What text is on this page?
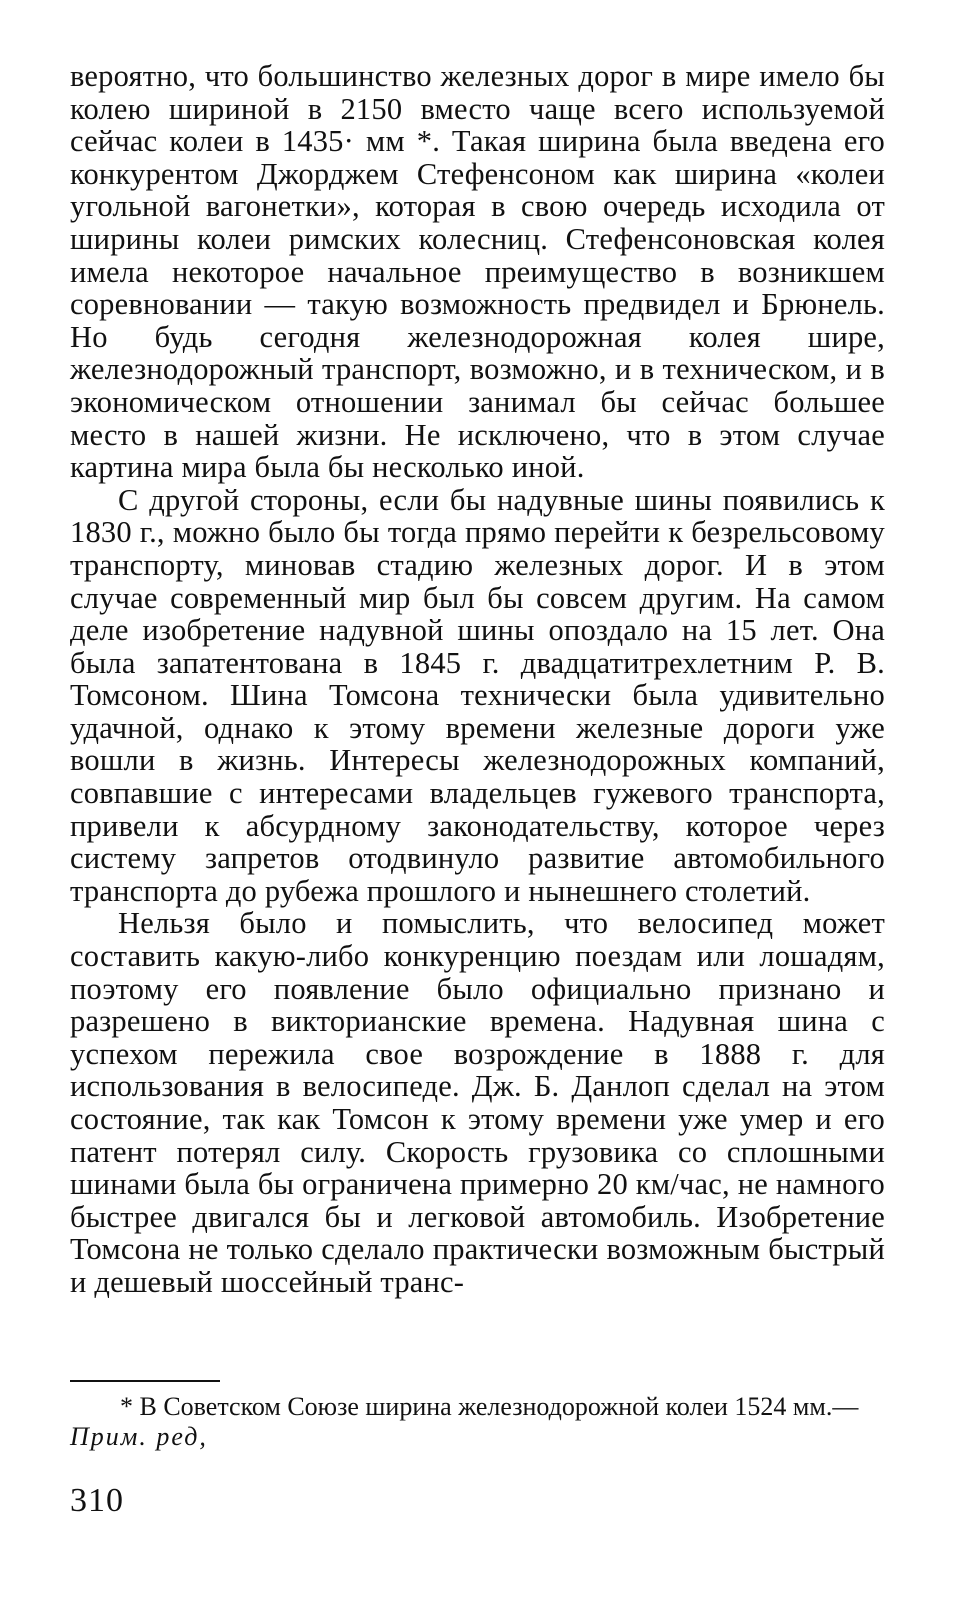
вероятно, что большинство железных дорог в мире имело бы колею шириной в 2150 вместо чаще всего используемой сейчас колеи в 1435· мм *. Такая ширина была введена его конкурентом Джорджем Стефенсоном как ширина «колеи угольной вагонетки», которая в свою очередь исходила от ширины колеи римских колесниц. Стефенсоновская колея имела некоторое начальное преимущество в возникшем соревновании — такую возможность предвидел и Брюнель. Но будь сегодня железнодорожная колея шире, железнодорожный транспорт, возможно, и в техническом, и в экономическом отношении занимал бы сейчас большее место в нашей жизни. Не исключено, что в этом случае картина мира была бы несколько иной.

С другой стороны, если бы надувные шины появились к 1830 г., можно было бы тогда прямо перейти к безрельсовому транспорту, миновав стадию железных дорог. И в этом случае современный мир был бы совсем другим. На самом деле изобретение надувной шины опоздало на 15 лет. Она была запатентована в 1845 г. двадцатитрехлетним Р. В. Томсоном. Шина Томсона технически была удивительно удачной, однако к этому времени железные дороги уже вошли в жизнь. Интересы железнодорожных компаний, совпавшие с интересами владельцев гужевого транспорта, привели к абсурдному законодательству, которое через систему запретов отодвинуло развитие автомобильного транспорта до рубежа прошлого и нынешнего столетий.

Нельзя было и помыслить, что велосипед может составить какую-либо конкуренцию поездам или лошадям, поэтому его появление было официально признано и разрешено в викторианские времена. Надувная шина с успехом пережила свое возрождение в 1888 г. для использования в велосипеде. Дж. Б. Данлоп сделал на этом состояние, так как Томсон к этому времени уже умер и его патент потерял силу. Скорость грузовика со сплошными шинами была бы ограничена примерно 20 км/час, не намного быстрее двигался бы и легковой автомобиль. Изобретение Томсона не только сделало практически возможным быстрый и дешевый шоссейный транс-

* В Советском Союзе ширина железнодорожной колеи 1524 мм.—
Прим. ред,
310
